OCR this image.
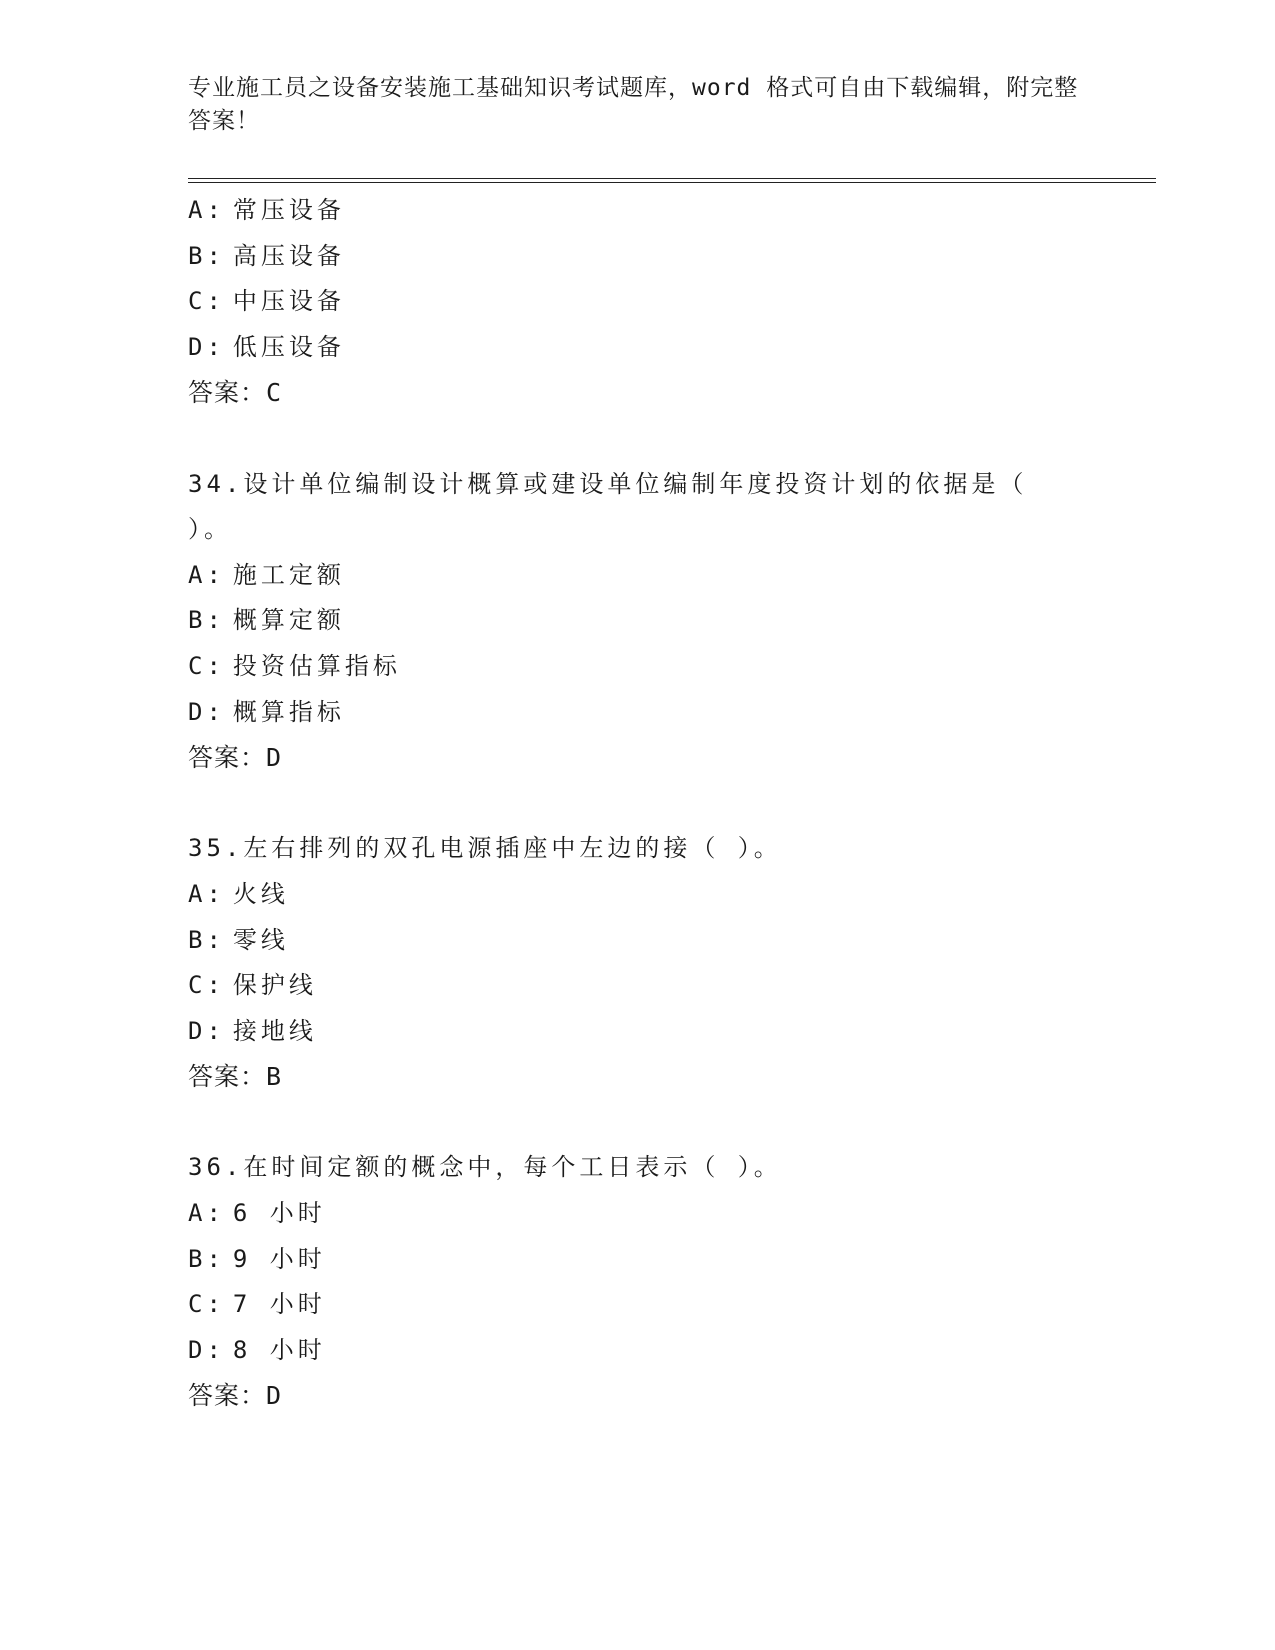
专业施工员之设备安装施工基础知识考试题库，word 格式可自由下载编辑，附完整答案！
A: 常压设备
B: 高压设备
C: 中压设备
D: 低压设备
答案：C
34.设计单位编制设计概算或建设单位编制年度投资计划的依据是（ ）。
A: 施工定额
B: 概算定额
C: 投资估算指标
D: 概算指标
答案：D
35.左右排列的双孔电源插座中左边的接（ ）。
A: 火线
B: 零线
C: 保护线
D: 接地线
答案：B
36.在时间定额的概念中，每个工日表示（ ）。
A: 6 小时
B: 9 小时
C: 7 小时
D: 8 小时
答案：D
